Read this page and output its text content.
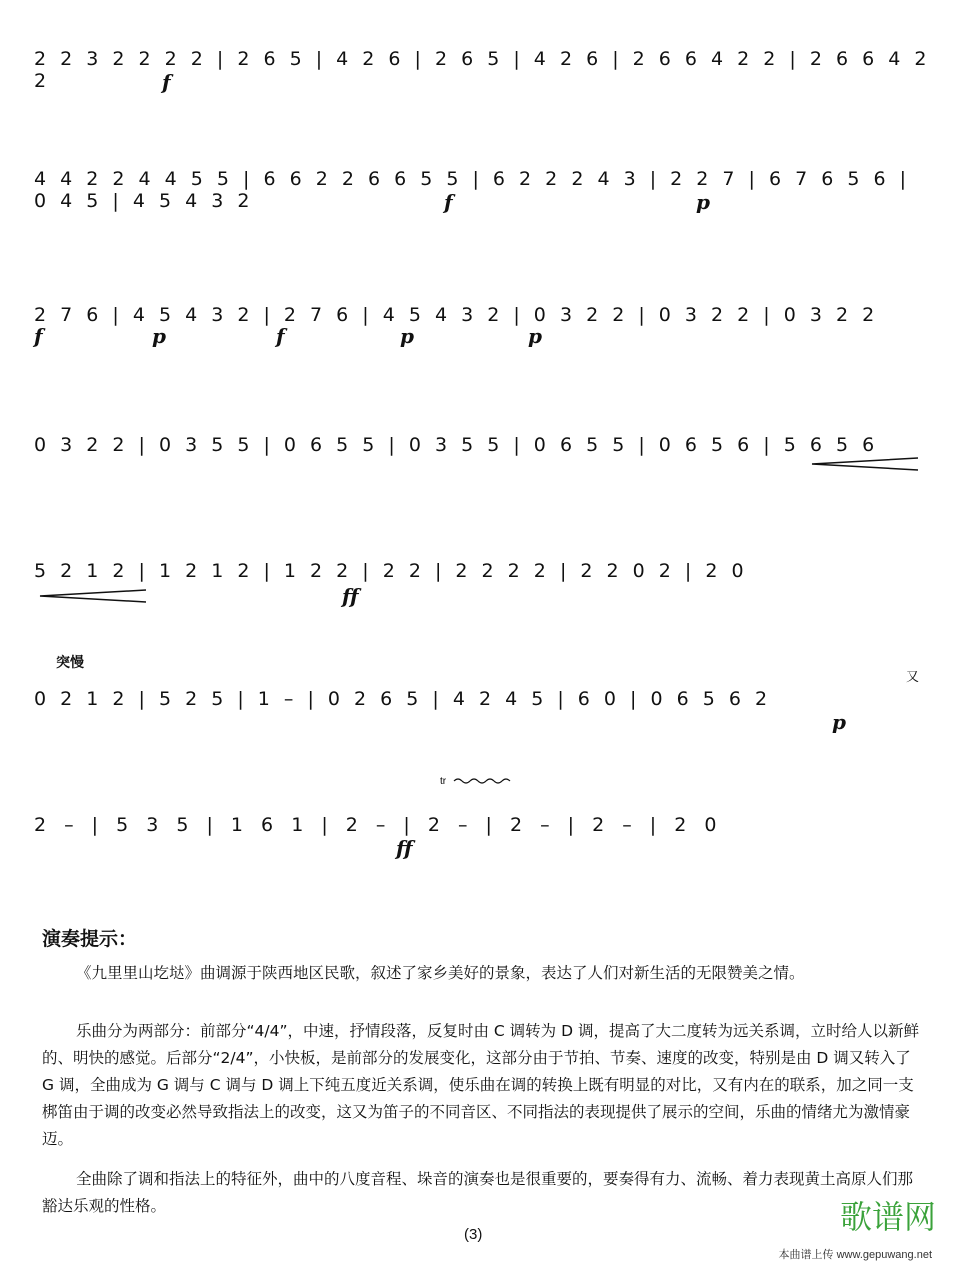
2 2 3 2 2 2 2 | 2 6 5 | 4 2 6 | 2 6 5 | 4 2 6 | 2 6 6 4 2 2 | 2 6 6 4 2 2	f
4 4 2 2 4 4 5 5 | 6 6 2 2 6 6 5 5 | 6 2 2 2 4 3 | 2 2 7 | 6 7 6 5 6 | 0 4 5 | 4 5 4 3 2	f	p
2 7 6 | 4 5 4 3 2 | 2 7 6 | 4 5 4 3 2 | 0 3 2 2 | 0 3 2 2 | 0 3 2 2
f	p	f	p	p
0 3 2 2 | 0 3 5 5 | 0 6 5 5 | 0 3 5 5 | 0 6 5 5 | 0 6 5 6 | 5 6 5 6
5 2 1 2 | 1 2 1 2 | 1 2 2 | 2 2 | 2 2 2 2 | 2 2 0 2 | 2 0
ff
突慢
0 2 1 2 | 5 2 5 | 1 – | 0 2 6 5 | 4 2 4 5 | 6 0 | 0 6 5 6 2
p
又
2 – | 5 3 5 | 1 6 1 | 2 – | 2 – | 2 – | 2 – | 2 0
ff
tr
演奏提示：
《九里里山圪垯》曲调源于陕西地区民歌，叙述了家乡美好的景象，表达了人们对新生活的无限赞美之情。
乐曲分为两部分：前部分“4/4”，中速，抒情段落，反复时由 C 调转为 D 调，提高了大二度转为远关系调，立时给人以新鲜的、明快的感觉。后部分“2/4”，小快板，是前部分的发展变化，这部分由于节拍、节奏、速度的改变，特别是由 D 调又转入了 G 调，全曲成为 G 调与 C 调与 D 调上下纯五度近关系调，使乐曲在调的转换上既有明显的对比，又有内在的联系，加之同一支梆笛由于调的改变必然导致指法上的改变，这又为笛子的不同音区、不同指法的表现提供了展示的空间，乐曲的情绪尤为激情豪迈。
全曲除了调和指法上的特征外，曲中的八度音程、垛音的演奏也是很重要的，要奏得有力、流畅、着力表现黄土高原人们那豁达乐观的性格。
(3)	歌谱网
本曲谱上传 www.gepuwang.net
